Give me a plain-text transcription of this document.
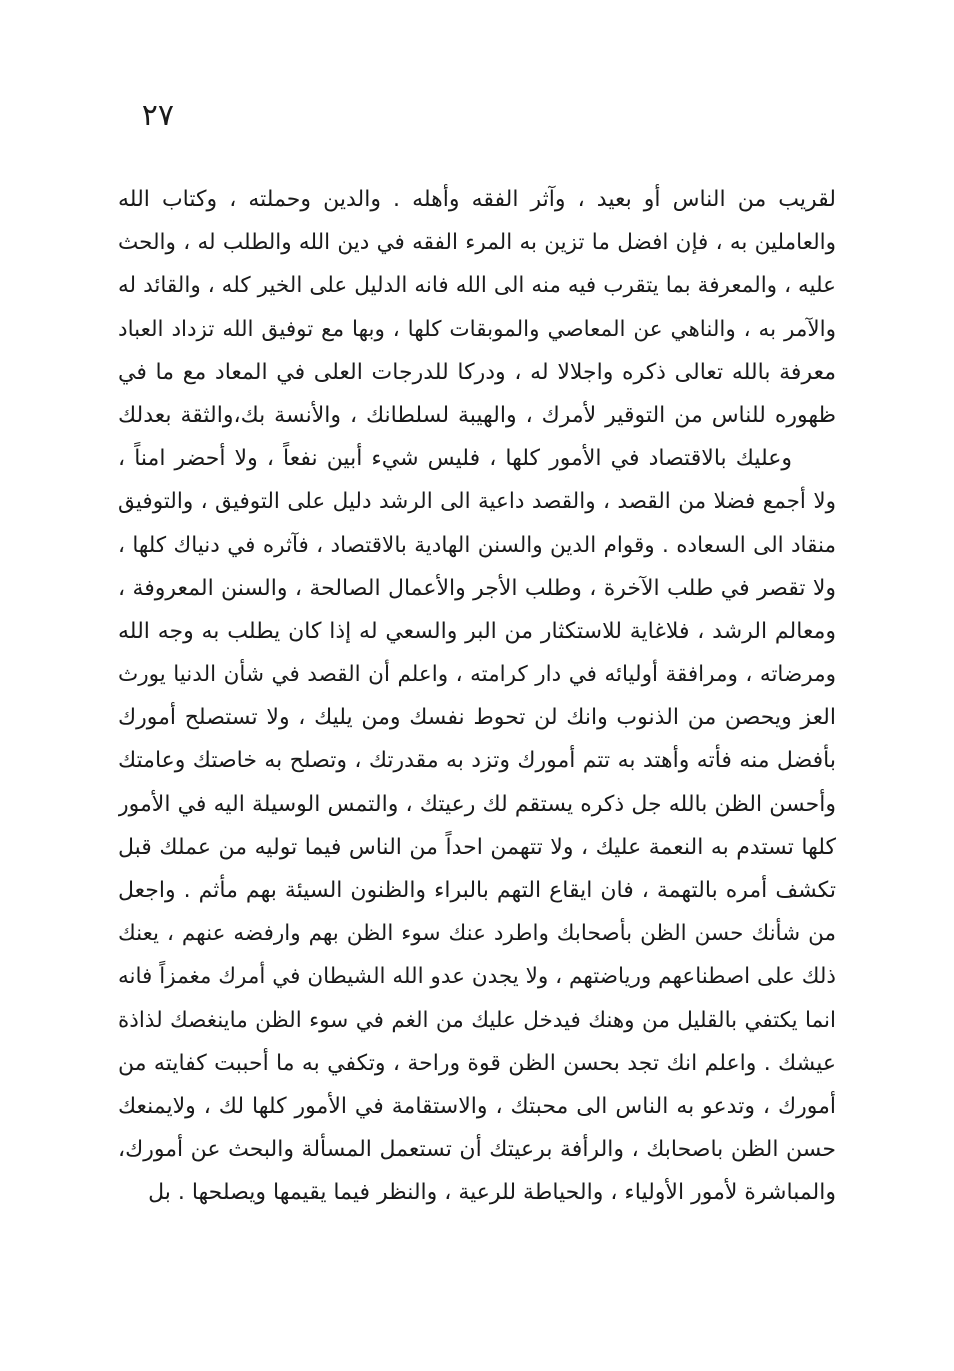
٢٧
لقريب من الناس أو بعيد ، وآثر الفقه وأهله . والدين وحملته ، وكتاب الله
والعاملين به ، فإن افضل ما تزين به المرء الفقه في دين الله والطلب له ، والحث
عليه ، والمعرفة بما يتقرب فيه منه الى الله فانه الدليل على الخير كله ، والقائد له
والآمر به ، والناهي عن المعاصي والموبقات كلها ، وبها مع توفيق الله تزداد العباد
معرفة بالله تعالى ذكره واجلالا له ، ودركا للدرجات العلى في المعاد مع ما في
ظهوره للناس من التوقير لأمرك ، والهيبة لسلطانك ، والأنسة بك،والثقة بعدلك
وعليك بالاقتصاد في الأمور كلها ، فليس شيء أبين نفعاً ، ولا أحضر امناً ،
ولا أجمع فضلا من القصد ، والقصد داعية الى الرشد دليل على التوفيق ، والتوفيق
منقاد الى السعاده . وقوام الدين والسنن الهادية بالاقتصاد ، فآثره في دنياك كلها ،
ولا تقصر في طلب الآخرة ، وطلب الأجر والأعمال الصالحة ، والسنن المعروفة ،
ومعالم الرشد ، فلاغاية للاستكثار من البر والسعي له إذا كان يطلب به وجه الله
ومرضاته ، ومرافقة أوليائه في دار كرامته ، واعلم أن القصد في شأن الدنيا يورث
العز ويحصن من الذنوب وانك لن تحوط نفسك ومن يليك ، ولا تستصلح أمورك
بأفضل منه فأته وأهتد به تتم أمورك وتزد به مقدرتك ، وتصلح به خاصتك وعامتك
وأحسن الظن بالله جل ذكره يستقم لك رعيتك ، والتمس الوسيلة اليه في الأمور
كلها تستدم به النعمة عليك ، ولا تتهمن احداً من الناس فيما توليه من عملك قبل
تكشف أمره بالتهمة ، فان ايقاع التهم بالبراء والظنون السيئة بهم مأثم . واجعل
من شأنك حسن الظن بأصحابك واطرد عنك سوء الظن بهم وارفضه عنهم ، يعنك
ذلك على اصطناعهم ورياضتهم ، ولا يجدن عدو الله الشيطان في أمرك مغمزاً فانه
انما يكتفي بالقليل من وهنك فيدخل عليك من الغم في سوء الظن ماينغصك لذاذة
عيشك . واعلم انك تجد بحسن الظن قوة وراحة ، وتكفي به ما أحببت كفايته من
أمورك ، وتدعو به الناس الى محبتك ، والاستقامة في الأمور كلها لك ، ولايمنعك
حسن الظن باصحابك ، والرأفة برعيتك أن تستعمل المسألة والبحث عن أمورك،
والمباشرة لأمور الأولياء ، والحياطة للرعية ، والنظر فيما يقيمها ويصلحها . بل
